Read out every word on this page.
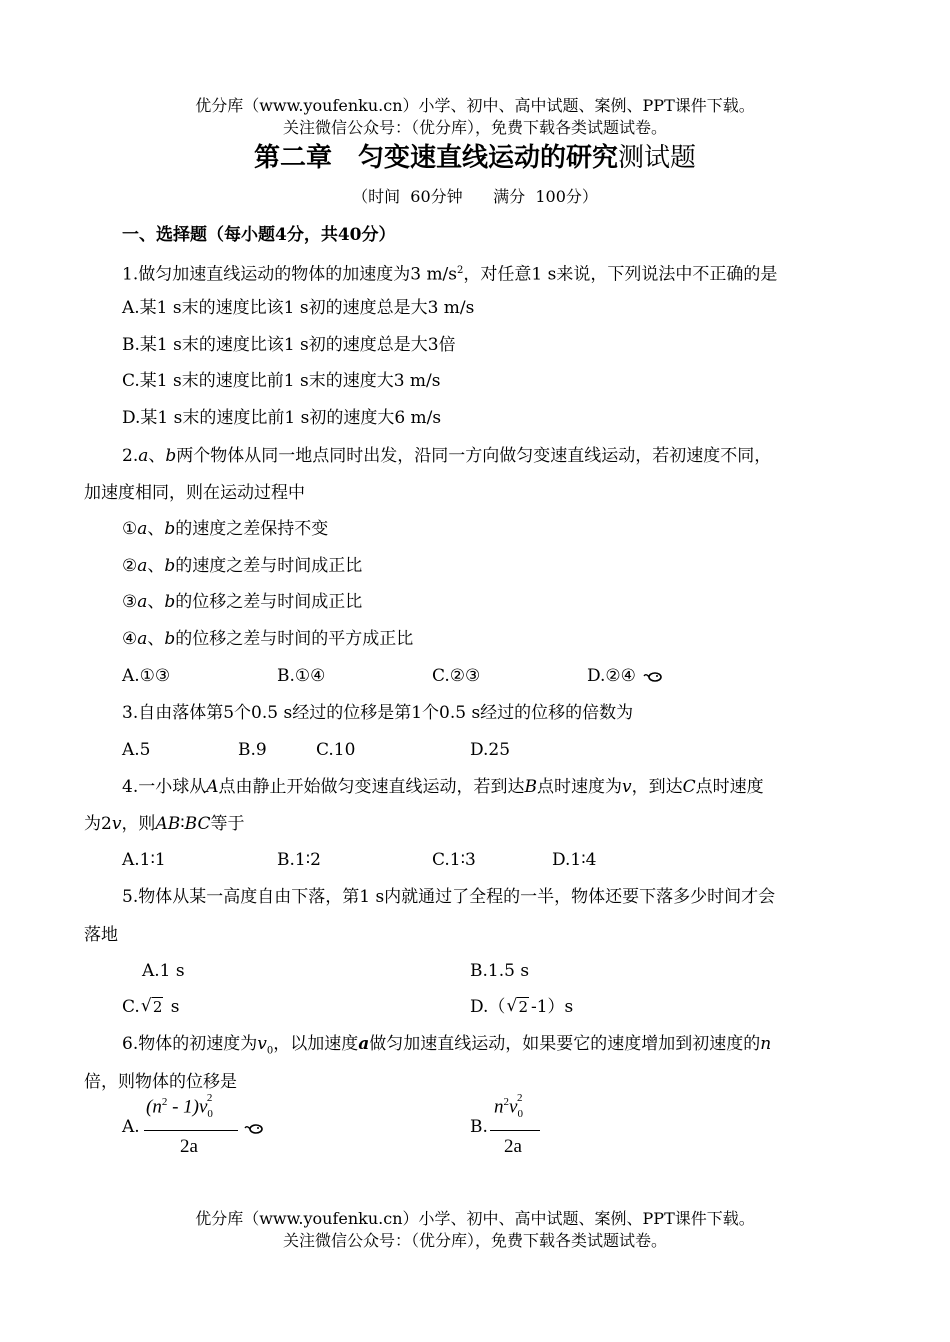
优分库（www.youfenku.cn）小学、初中、高中试题、案例、PPT课件下载。
关注微信公众号：（优分库），免费下载各类试题试卷。
第二章　匀变速直线运动的研究测试题
（时间  60分钟      满分  100分）
一、选择题（每小题4分，共40分）
1.做匀加速直线运动的物体的加速度为3 $m/s^2$，对任意1 s来说，下列说法中不正确的是
A.某1 s末的速度比该1 s初的速度总是大3 m/s
B.某1 s末的速度比该1 s初的速度总是大3倍
C.某1 s末的速度比前1 s末的速度大3 m/s
D.某1 s末的速度比前1 s初的速度大6 m/s
2.a、b两个物体从同一地点同时出发，沿同一方向做匀变速直线运动，若初速度不同，
加速度相同，则在运动过程中
①a、b的速度之差保持不变
②a、b的速度之差与时间成正比
③a、b的位移之差与时间成正比
④a、b的位移之差与时间的平方成正比
A.①③	B.①④	C.②③	D.②④
3.自由落体第5个0.5 s经过的位移是第1个0.5 s经过的位移的倍数为
A.5	B.9	C.10	D.25
4.一小球从A点由静止开始做匀变速直线运动，若到达B点时速度为v，到达C点时速度
为2v，则AB∶BC等于
A.1∶1	B.1∶2	C.1∶3	D.1∶4
5.物体从某一高度自由下落，第1 s内就通过了全程的一半，物体还要下落多少时间才会
落地
A.1 s	B.1.5 s
C. √ 2 s	D.（ √ 2 -1）s
6.物体的初速度为$v_0$，以加速度a做匀加速直线运动，如果要它的速度增加到初速度的n
倍，则物体的位移是
A.
$(n^2 - 1)v_0^2$
2a
B.
$n^2v_0^2$
2a
优分库（www.youfenku.cn）小学、初中、高中试题、案例、PPT课件下载。
关注微信公众号：（优分库），免费下载各类试题试卷。
